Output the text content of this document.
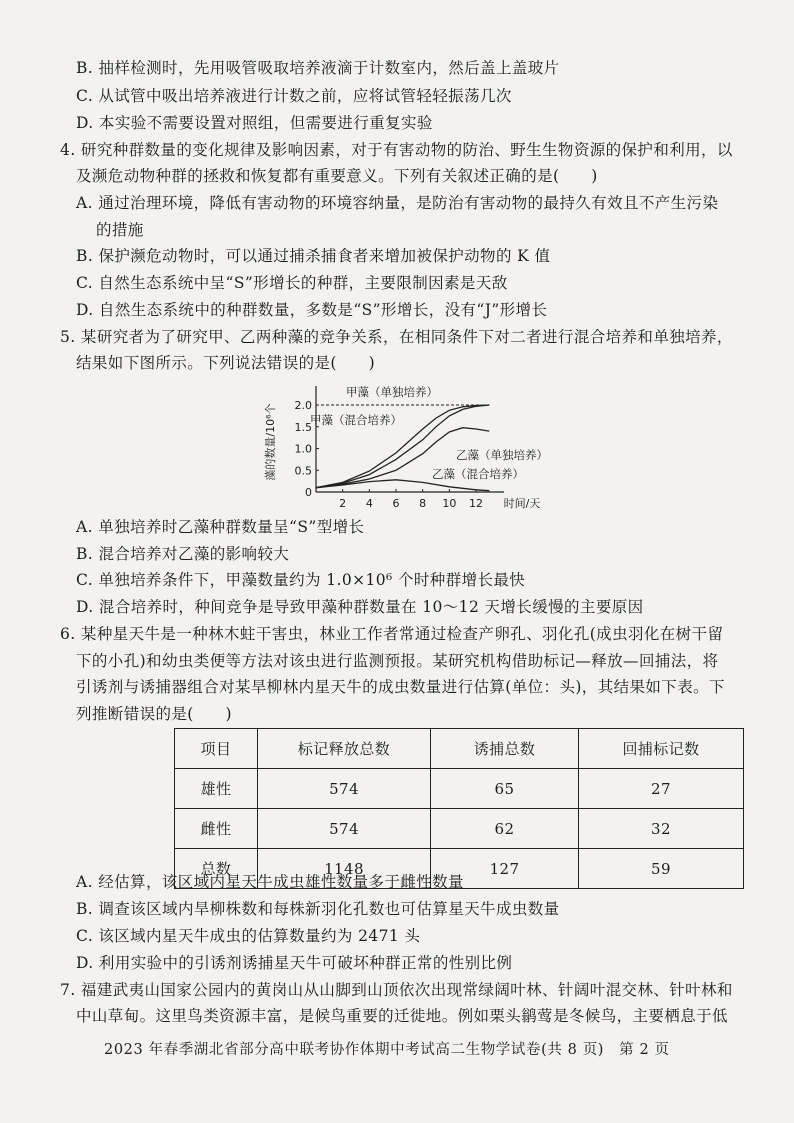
B. 抽样检测时，先用吸管吸取培养液滴于计数室内，然后盖上盖玻片
C. 从试管中吸出培养液进行计数之前，应将试管轻轻振荡几次
D. 本实验不需要设置对照组，但需要进行重复实验
4. 研究种群数量的变化规律及影响因素，对于有害动物的防治、野生生物资源的保护和利用，以
及濒危动物种群的拯救和恢复都有重要意义。下列有关叙述正确的是(　　)
A. 通过治理环境，降低有害动物的环境容纳量，是防治有害动物的最持久有效且不产生污染
的措施
B. 保护濒危动物时，可以通过捕杀捕食者来增加被保护动物的 K 值
C. 自然生态系统中呈“S”形增长的种群，主要限制因素是天敌
D. 自然生态系统中的种群数量，多数是“S”形增长，没有“J”形增长
5. 某研究者为了研究甲、乙两种藻的竞争关系，在相同条件下对二者进行混合培养和单独培养，
结果如下图所示。下列说法错误的是(　　)
0
0.5
1.0
1.5
2.0
2 4 6 8 10 12 时间/天
藻的数量/10⁶个
甲藻（单独培养）
甲藻（混合培养）
乙藻（单独培养）
乙藻（混合培养）
A. 单独培养时乙藻种群数量呈“S”型增长
B. 混合培养对乙藻的影响较大
C. 单独培养条件下，甲藻数量约为 1.0×10⁶ 个时种群增长最快
D. 混合培养时，种间竞争是导致甲藻种群数量在 10～12 天增长缓慢的主要原因
6. 某种星天牛是一种林木蛀干害虫，林业工作者常通过检查产卵孔、羽化孔(成虫羽化在树干留
下的小孔)和幼虫类便等方法对该虫进行监测预报。某研究机构借助标记—释放—回捕法，将
引诱剂与诱捕器组合对某旱柳林内星天牛的成虫数量进行估算(单位：头)，其结果如下表。下
列推断错误的是(　　)
项目	标记释放总数	诱捕总数	回捕标记数
雄性	574	65	27
雌性	574	62	32
总数	1148	127	59
A. 经估算，该区域内星天牛成虫雄性数量多于雌性数量
B. 调查该区域内旱柳株数和每株新羽化孔数也可估算星天牛成虫数量
C. 该区域内星天牛成虫的估算数量约为 2471 头
D. 利用实验中的引诱剂诱捕星天牛可破坏种群正常的性别比例
7. 福建武夷山国家公园内的黄岗山从山脚到山顶依次出现常绿阔叶林、针阔叶混交林、针叶林和
中山草甸。这里鸟类资源丰富，是候鸟重要的迁徙地。例如栗头鹟莺是冬候鸟，主要栖息于低
2023 年春季湖北省部分高中联考协作体期中考试高二生物学试卷(共 8 页)　第 2 页
